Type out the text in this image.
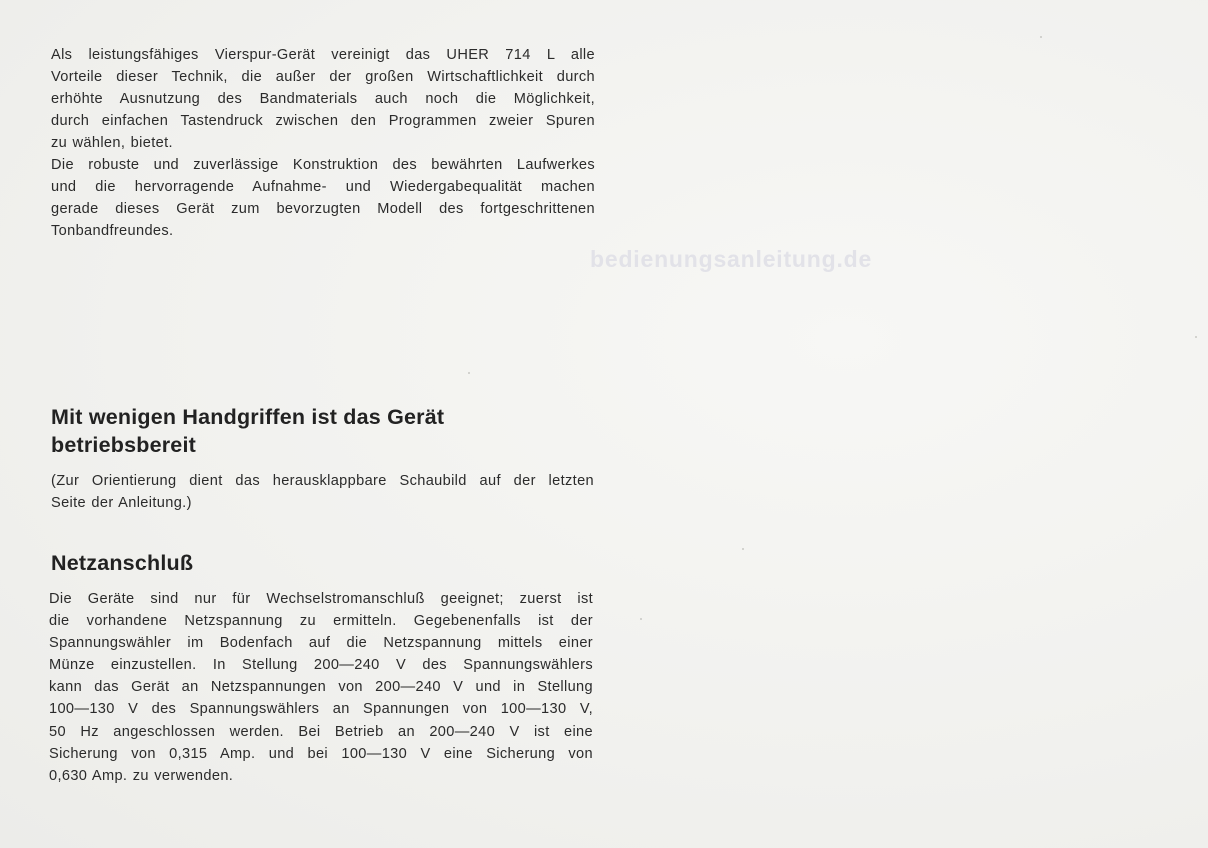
Als leistungsfähiges Vierspur-Gerät vereinigt das UHER 714 L alle
Vorteile dieser Technik, die außer der großen Wirtschaftlichkeit durch
erhöhte Ausnutzung des Bandmaterials auch noch die Möglichkeit,
durch einfachen Tastendruck zwischen den Programmen zweier Spuren
zu wählen, bietet.
Die robuste und zuverlässige Konstruktion des bewährten Laufwerkes
und die hervorragende Aufnahme- und Wiedergabequalität machen
gerade dieses Gerät zum bevorzugten Modell des fortgeschrittenen
Tonbandfreundes.
bedienungsanleitung.de
Mit wenigen Handgriffen ist das Gerät
betriebsbereit
(Zur Orientierung dient das herausklappbare Schaubild auf der letzten
Seite der Anleitung.)
Netzanschluß
Die Geräte sind nur für Wechselstromanschluß geeignet; zuerst ist
die vorhandene Netzspannung zu ermitteln. Gegebenenfalls ist der
Spannungswähler im Bodenfach auf die Netzspannung mittels einer
Münze einzustellen. In Stellung 200—240 V des Spannungswählers
kann das Gerät an Netzspannungen von 200—240 V und in Stellung
100—130 V des Spannungswählers an Spannungen von 100—130 V,
50 Hz angeschlossen werden. Bei Betrieb an 200—240 V ist eine
Sicherung von 0,315 Amp. und bei 100—130 V eine Sicherung von
0,630 Amp. zu verwenden.
